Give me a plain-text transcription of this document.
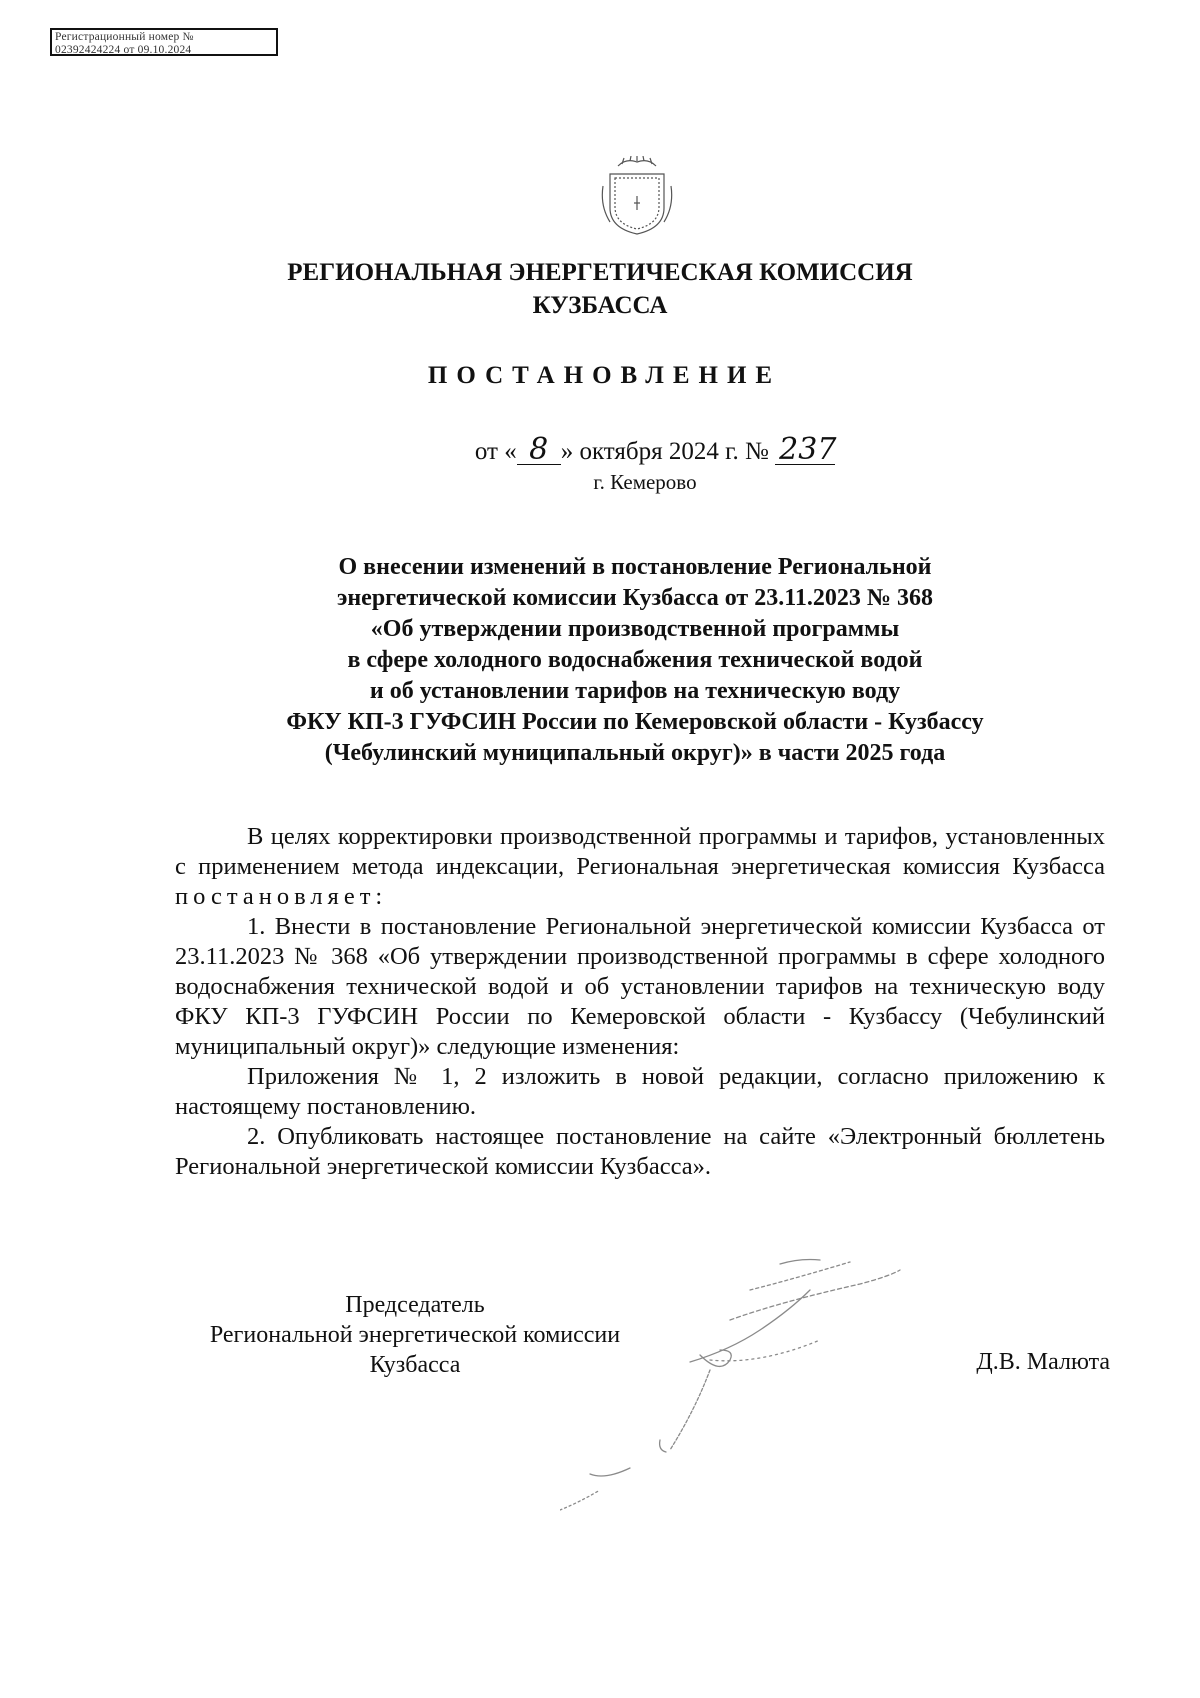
Регистрационный номер №
02392424224 от 09.10.2024
РЕГИОНАЛЬНАЯ ЭНЕРГЕТИЧЕСКАЯ КОМИССИЯ
КУЗБАССА
ПОСТАНОВЛЕНИЕ
от « 8 » октября 2024 г. № 237
г. Кемерово
О внесении изменений в постановление Региональной
энергетической комиссии Кузбасса от 23.11.2023 № 368
«Об утверждении производственной программы
в сфере холодного водоснабжения технической водой
и об установлении тарифов на техническую воду
ФКУ КП-3 ГУФСИН России по Кемеровской области - Кузбассу
(Чебулинский муниципальный округ)» в части 2025 года

В целях корректировки производственной программы и тарифов, установленных с применением метода индексации, Региональная энергетическая комиссия Кузбасса постановляет:

1. Внести в постановление Региональной энергетической комиссии Кузбасса от 23.11.2023 № 368 «Об утверждении производственной программы в сфере холодного водоснабжения технической водой и об установлении тарифов на техническую воду ФКУ КП-3 ГУФСИН России по Кемеровской области - Кузбассу (Чебулинский муниципальный округ)» следующие изменения:

Приложения № 1, 2 изложить в новой редакции, согласно приложению к настоящему постановлению.

2. Опубликовать настоящее постановление на сайте «Электронный бюллетень Региональной энергетической комиссии Кузбасса».

Председатель
Региональной энергетической комиссии
Кузбасса	Д.В. Малюта
